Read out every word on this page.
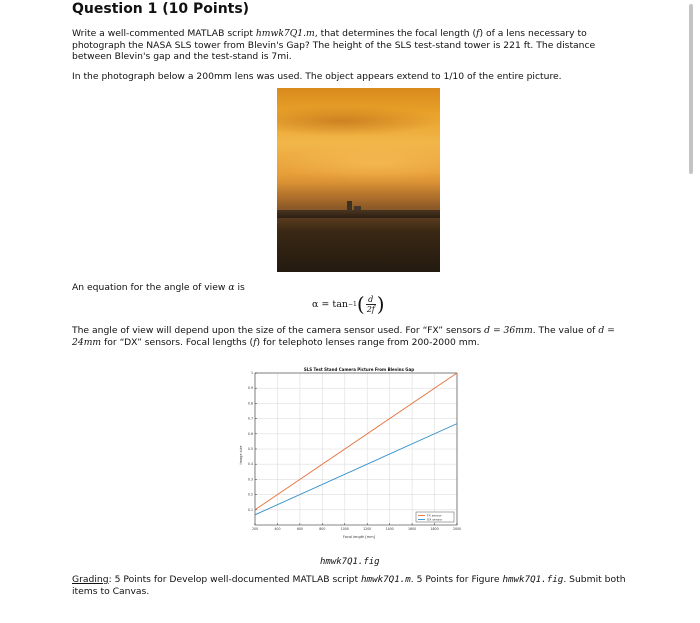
Question 1 (10 Points)

Write a well-commented MATLAB script hmwk7Q1.m, that determines the focal length (f) of a lens necessary to photograph the NASA SLS tower from Blevin's Gap? The height of the SLS test-stand tower is 221 ft. The distance between Blevin's gap and the test-stand is 7mi.

In the photograph below a 200mm lens was used. The object appears extend to 1/10 of the entire picture.

An equation for the angle of view α is

α = tan −1 ( $\frac{d}{2f}$ )

The angle of view will depend upon the size of the camera sensor used. For “FX” sensors d = 36mm. The value of d = 24mm for “DX” sensors. Focal lengths (f) for telephoto lenses range from 200-2000 mm.

SLS Test Stand Camera Picture From Blevins Gap
Focal length [mm]
Image size
200	400	600	800	1000	1200	1400	1600	1800	2000
0.1
0.2
0.3
0.4
0.5
0.6
0.7
0.8
0.9
1
FX sensor
DX sensor

hmwk7Q1.fig

Grading: 5 Points for Develop well-documented MATLAB script hmwk7Q1.m. 5 Points for Figure hmwk7Q1.fig. Submit both items to Canvas.
